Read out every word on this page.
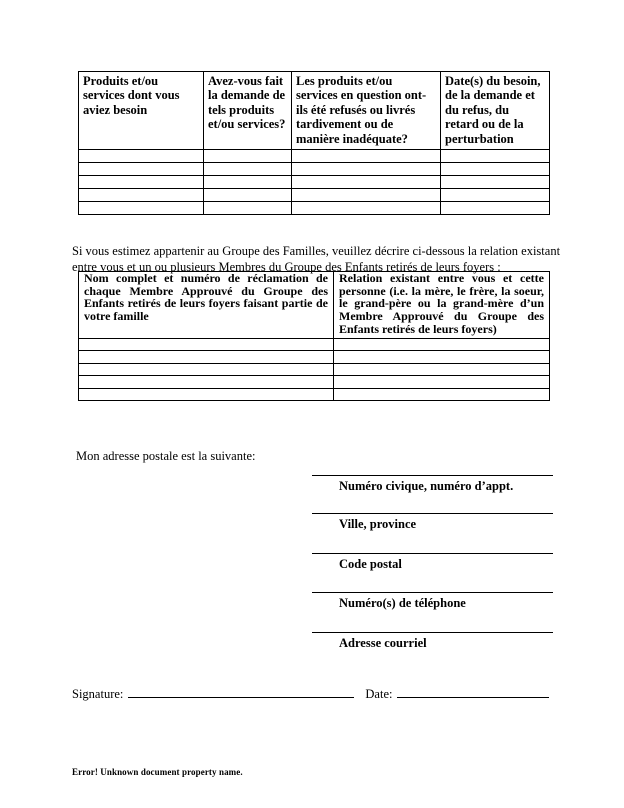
Produits et/ou services dont vous aviez besoin	Avez-vous fait la demande de tels produits et/ou services?	Les produits et/ou services en question ont-ils été refusés ou livrés tardivement ou de manière inadéquate?	Date(s) du besoin, de la demande et du refus, du retard ou de la perturbation

Si vous estimez appartenir au Groupe des Familles, veuillez décrire ci-dessous la relation existant entre vous et un ou plusieurs Membres du Groupe des Enfants retirés de leurs foyers :

Nom complet et numéro de réclamation de chaque Membre Approuvé du Groupe des Enfants retirés de leurs foyers faisant partie de votre famille	Relation existant entre vous et cette personne (i.e. la mère, le frère, la soeur, le grand-père ou la grand-mère d’un Membre Approuvé du Groupe des Enfants retirés de leurs foyers)

Mon adresse postale est la suivante:
Numéro civique, numéro d’appt.
Ville, province
Code postal
Numéro(s) de téléphone
Adresse courriel
Signature:	Date:
Error! Unknown document property name.
